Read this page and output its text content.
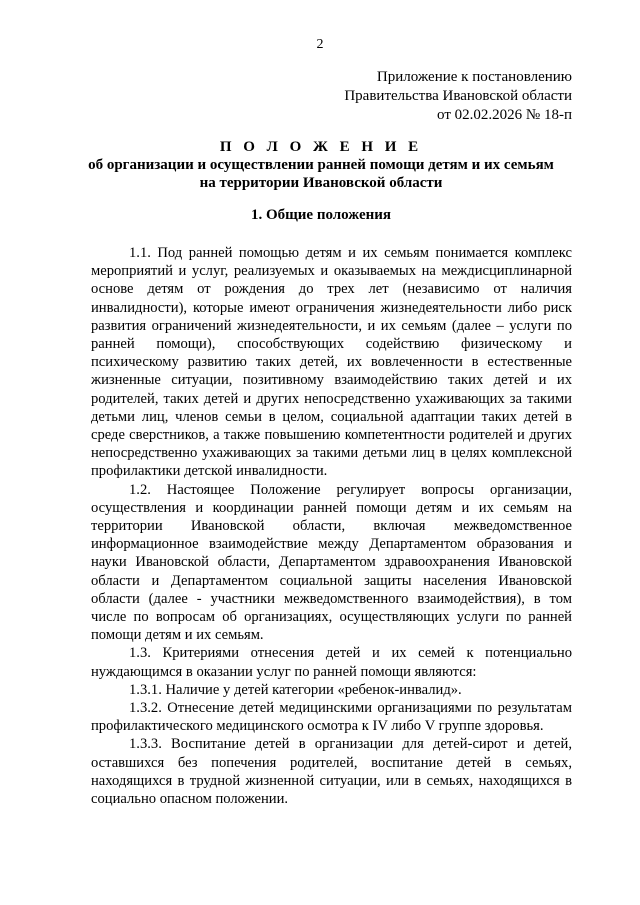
2
Приложение к постановлению
Правительства Ивановской области
от 02.02.2026 № 18-п
П О Л О Ж Е Н И Е
об организации и осуществлении ранней помощи детям и их семьям
на территории Ивановской области
1. Общие положения

1.1. Под ранней помощью детям и их семьям понимается комплекс мероприятий и услуг, реализуемых и оказываемых на междисциплинарной основе детям от рождения до трех лет (независимо от наличия инвалидности), которые имеют ограничения жизнедеятельности либо риск развития ограничений жизнедеятельности, и их семьям (далее – услуги по ранней помощи), способствующих содействию физическому и психическому развитию таких детей, их вовлеченности в естественные жизненные ситуации, позитивному взаимодействию таких детей и их родителей, таких детей и других непосредственно ухаживающих за такими детьми лиц, членов семьи в целом, социальной адаптации таких детей в среде сверстников, а также повышению компетентности родителей и других непосредственно ухаживающих за такими детьми лиц в целях комплексной профилактики детской инвалидности.

1.2. Настоящее Положение регулирует вопросы организации, осуществления и координации ранней помощи детям и их семьям на территории Ивановской области, включая межведомственное информационное взаимодействие между Департаментом образования и науки Ивановской области, Департаментом здравоохранения Ивановской области и Департаментом социальной защиты населения Ивановской области (далее - участники межведомственного взаимодействия), в том числе по вопросам об организациях, осуществляющих услуги по ранней помощи детям и их семьям.

1.3. Критериями отнесения детей и их семей к потенциально нуждающимся в оказании услуг по ранней помощи являются:

1.3.1. Наличие у детей категории «ребенок-инвалид».

1.3.2. Отнесение детей медицинскими организациями по результатам профилактического медицинского осмотра к IV либо V группе здоровья.

1.3.3. Воспитание детей в организации для детей-сирот и детей, оставшихся без попечения родителей, воспитание детей в семьях, находящихся в трудной жизненной ситуации, или в семьях, находящихся в социально опасном положении.
